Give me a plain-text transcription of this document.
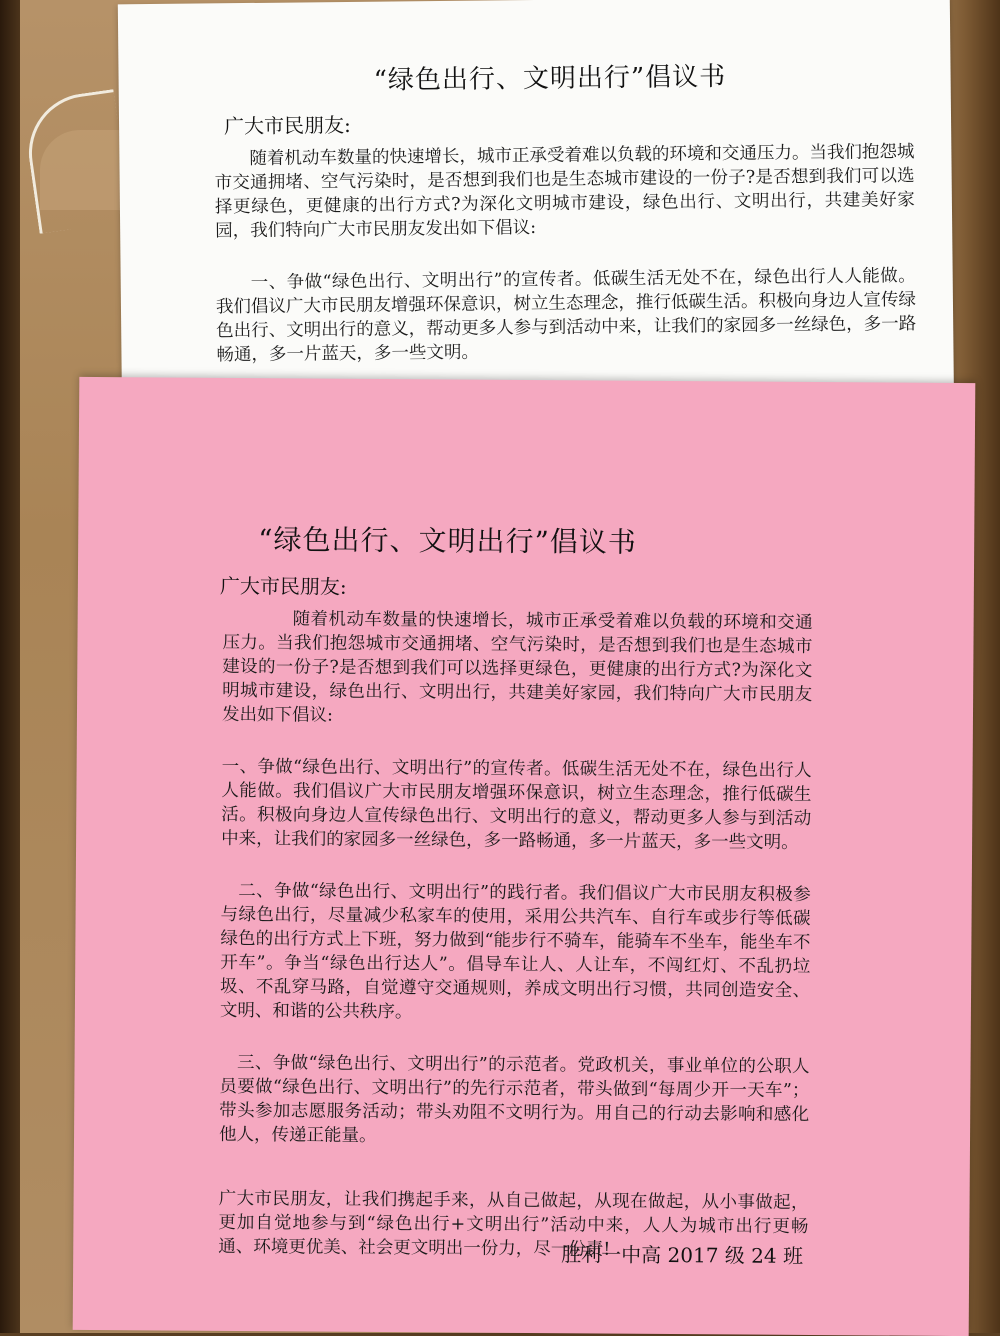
“绿色出行、文明出行”倡议书
广大市民朋友:

随着机动车数量的快速增长，城市正承受着难以负载的环境和交通压力。当我们抱怨城市交通拥堵、空气污染时，是否想到我们也是生态城市建设的一份子?是否想到我们可以选择更绿色，更健康的出行方式?为深化文明城市建设，绿色出行、文明出行，共建美好家园，我们特向广大市民朋友发出如下倡议:

一、争做“绿色出行、文明出行”的宣传者。低碳生活无处不在，绿色出行人人能做。我们倡议广大市民朋友增强环保意识，树立生态理念，推行低碳生活。积极向身边人宣传绿色出行、文明出行的意义，帮动更多人参与到活动中来，让我们的家园多一丝绿色，多一路畅通，多一片蓝天，多一些文明。

“绿色出行、文明出行”倡议书
广大市民朋友:

随着机动车数量的快速增长，城市正承受着难以负载的环境和交通压力。当我们抱怨城市交通拥堵、空气污染时，是否想到我们也是生态城市建设的一份子?是否想到我们可以选择更绿色，更健康的出行方式?为深化文明城市建设，绿色出行、文明出行，共建美好家园，我们特向广大市民朋友发出如下倡议:

一、争做“绿色出行、文明出行”的宣传者。低碳生活无处不在，绿色出行人人能做。我们倡议广大市民朋友增强环保意识，树立生态理念，推行低碳生活。积极向身边人宣传绿色出行、文明出行的意义，帮动更多人参与到活动中来，让我们的家园多一丝绿色，多一路畅通，多一片蓝天，多一些文明。

二、争做“绿色出行、文明出行”的践行者。我们倡议广大市民朋友积极参与绿色出行，尽量减少私家车的使用，采用公共汽车、自行车或步行等低碳绿色的出行方式上下班，努力做到“能步行不骑车，能骑车不坐车，能坐车不开车”。争当“绿色出行达人”。倡导车让人、人让车，不闯红灯、不乱扔垃圾、不乱穿马路，自觉遵守交通规则，养成文明出行习惯，共同创造安全、文明、和谐的公共秩序。

三、争做“绿色出行、文明出行”的示范者。党政机关，事业单位的公职人员要做“绿色出行、文明出行”的先行示范者，带头做到“每周少开一天车”；带头参加志愿服务活动；带头劝阻不文明行为。用自己的行动去影响和感化他人，传递正能量。

广大市民朋友，让我们携起手来，从自己做起，从现在做起，从小事做起，更加自觉地参与到“绿色出行+文明出行”活动中来，人人为城市出行更畅通、环境更优美、社会更文明出一份力，尽一份责!

胜利一中高 2017 级 24 班
